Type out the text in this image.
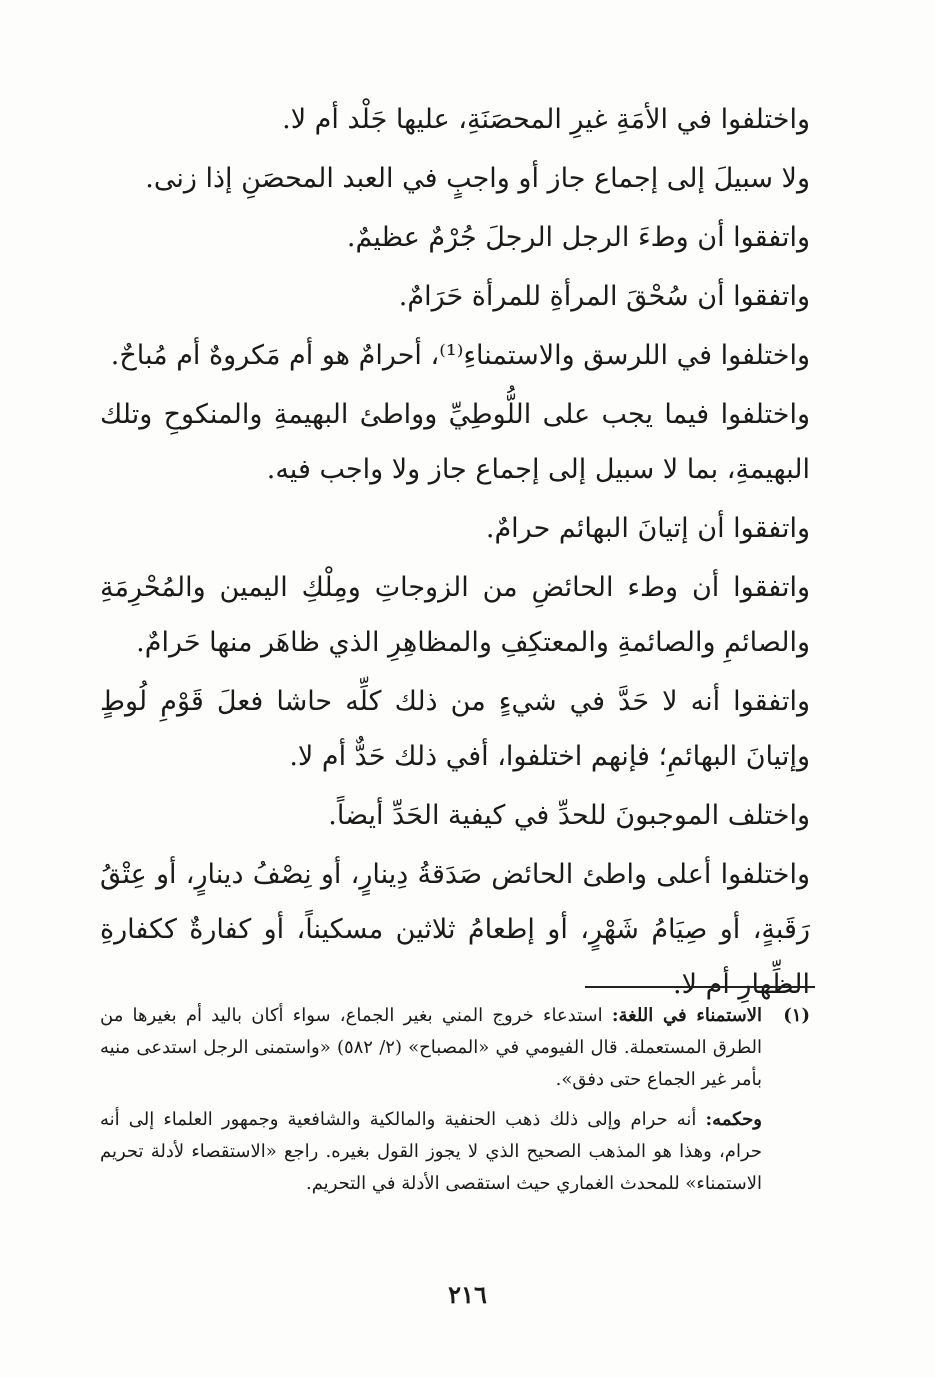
واختلفوا في الأمَةِ غيرِ المحصَنَةِ، عليها جَلْد أم لا.

ولا سبيلَ إلى إجماع جاز أو واجبٍ في العبد المحصَنِ إذا زنى.

واتفقوا أن وطءَ الرجل الرجلَ جُرْمٌ عظيمٌ.

واتفقوا أن سُحْقَ المرأةِ للمرأة حَرَامٌ.

واختلفوا في اللرسق والاستمناءِ⁽¹⁾، أحرامٌ هو أم مَكروهٌ أم مُباحٌ.

واختلفوا فيما يجب على اللُّوطِيِّ وواطئ البهيمةِ والمنكوحِ وتلك البهيمةِ، بما لا سبيل إلى إجماع جاز ولا واجب فيه.

واتفقوا أن إتيانَ البهائم حرامٌ.

واتفقوا أن وطء الحائضِ من الزوجاتِ ومِلْكِ اليمين والمُحْرِمَةِ والصائمِ والصائمةِ والمعتكِفِ والمظاهِرِ الذي ظاهَر منها حَرامٌ.

واتفقوا أنه لا حَدَّ في شيءٍ من ذلك كلِّه حاشا فعلَ قَوْمِ لُوطٍ وإتيانَ البهائمِ؛ فإنهم اختلفوا، أفي ذلك حَدٌّ أم لا.

واختلف الموجبونَ للحدِّ في كيفية الحَدِّ أيضاً.

واختلفوا أعلى واطئ الحائض صَدَقةُ دِينارٍ، أو نِصْفُ دينارٍ، أو عِتْقُ رَقَبةٍ، أو صِيَامُ شَهْرٍ، أو إطعامُ ثلاثين مسكيناً، أو كفارةٌ ككفارةِ الظِّهارِ أم لا.

(١)
الاستمناء في اللغة: استدعاء خروج المني بغير الجماع، سواء أكان باليد أم بغيرها من الطرق المستعملة. قال الفيومي في «المصباح» (٢/ ٥٨٢) «واستمنى الرجل استدعى منيه بأمر غير الجماع حتى دفق».

وحكمه: أنه حرام وإلى ذلك ذهب الحنفية والمالكية والشافعية وجمهور العلماء إلى أنه حرام، وهذا هو المذهب الصحيح الذي لا يجوز القول بغيره. راجع «الاستقصاء لأدلة تحريم الاستمناء» للمحدث الغماري حيث استقصى الأدلة في التحريم.

٢١٦
